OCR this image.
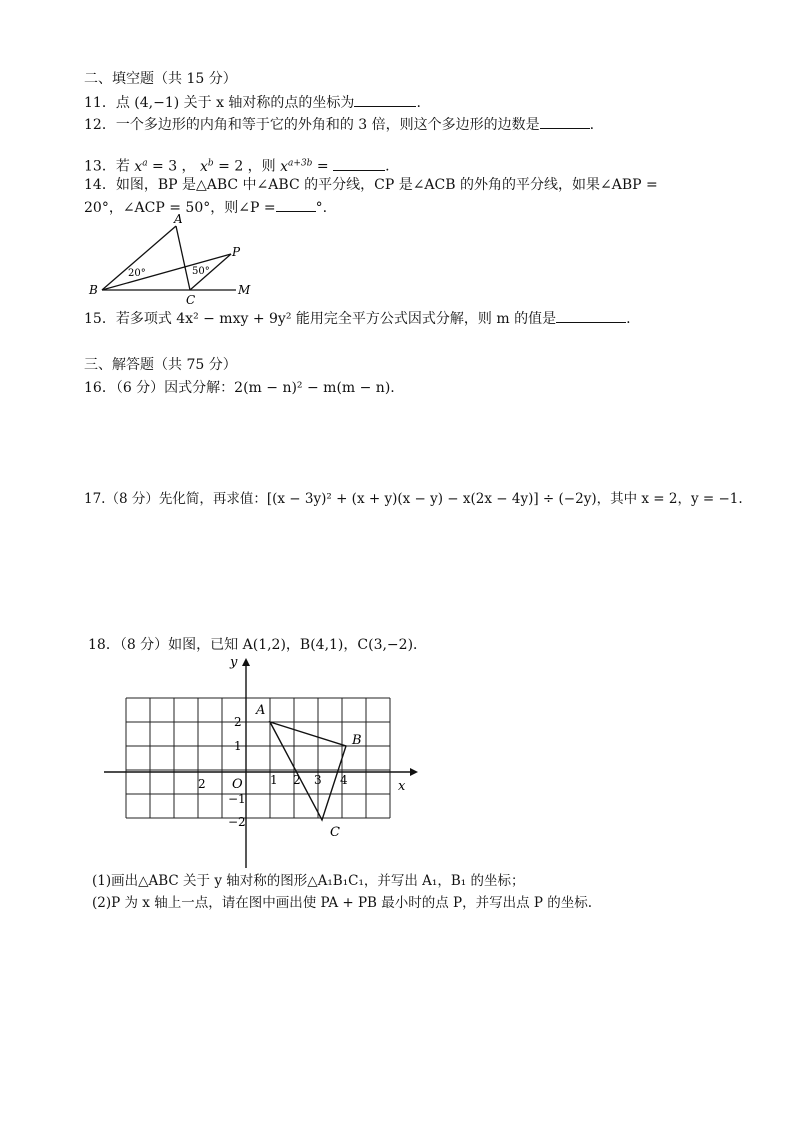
二、填空题（共 15 分）
11．点 (4,−1) 关于 x 轴对称的点的坐标为	.
12．一个多边形的内角和等于它的外角和的 3 倍，则这个多边形的边数是	.
13．若 $x^a = 3$ ， $x^b = 2$ ，则 $x^{a+3b}$ =	.
14．如图，BP 是△ABC 中∠ABC 的平分线，CP 是∠ACB 的外角的平分线，如果∠ABP =
20°，∠ACP = 50°，则∠P =	°.
B
A
C
P
M
20°	50°
15．若多项式 4x² − mxy + 9y² 能用完全平方公式因式分解，则 m 的值是	.
三、解答题（共 75 分）
16．（6 分）因式分解：2(m − n)² − m(m − n).
17.（8 分）先化简，再求值：[(x − 3y)² + (x + y)(x − y) − x(2x − 4y)] ÷ (−2y)，其中 x = 2，y = −1.
18．（8 分）如图，已知 A(1,2)，B(4,1)，C(3,−2)．
x
y
O
2	1 2 3 4
2
1
−1
−2
A
B
C
(1)画出△ABC 关于 y 轴对称的图形△A₁B₁C₁，并写出 A₁，B₁ 的坐标；
(2)P 为 x 轴上一点，请在图中画出使 PA + PB 最小时的点 P，并写出点 P 的坐标.
